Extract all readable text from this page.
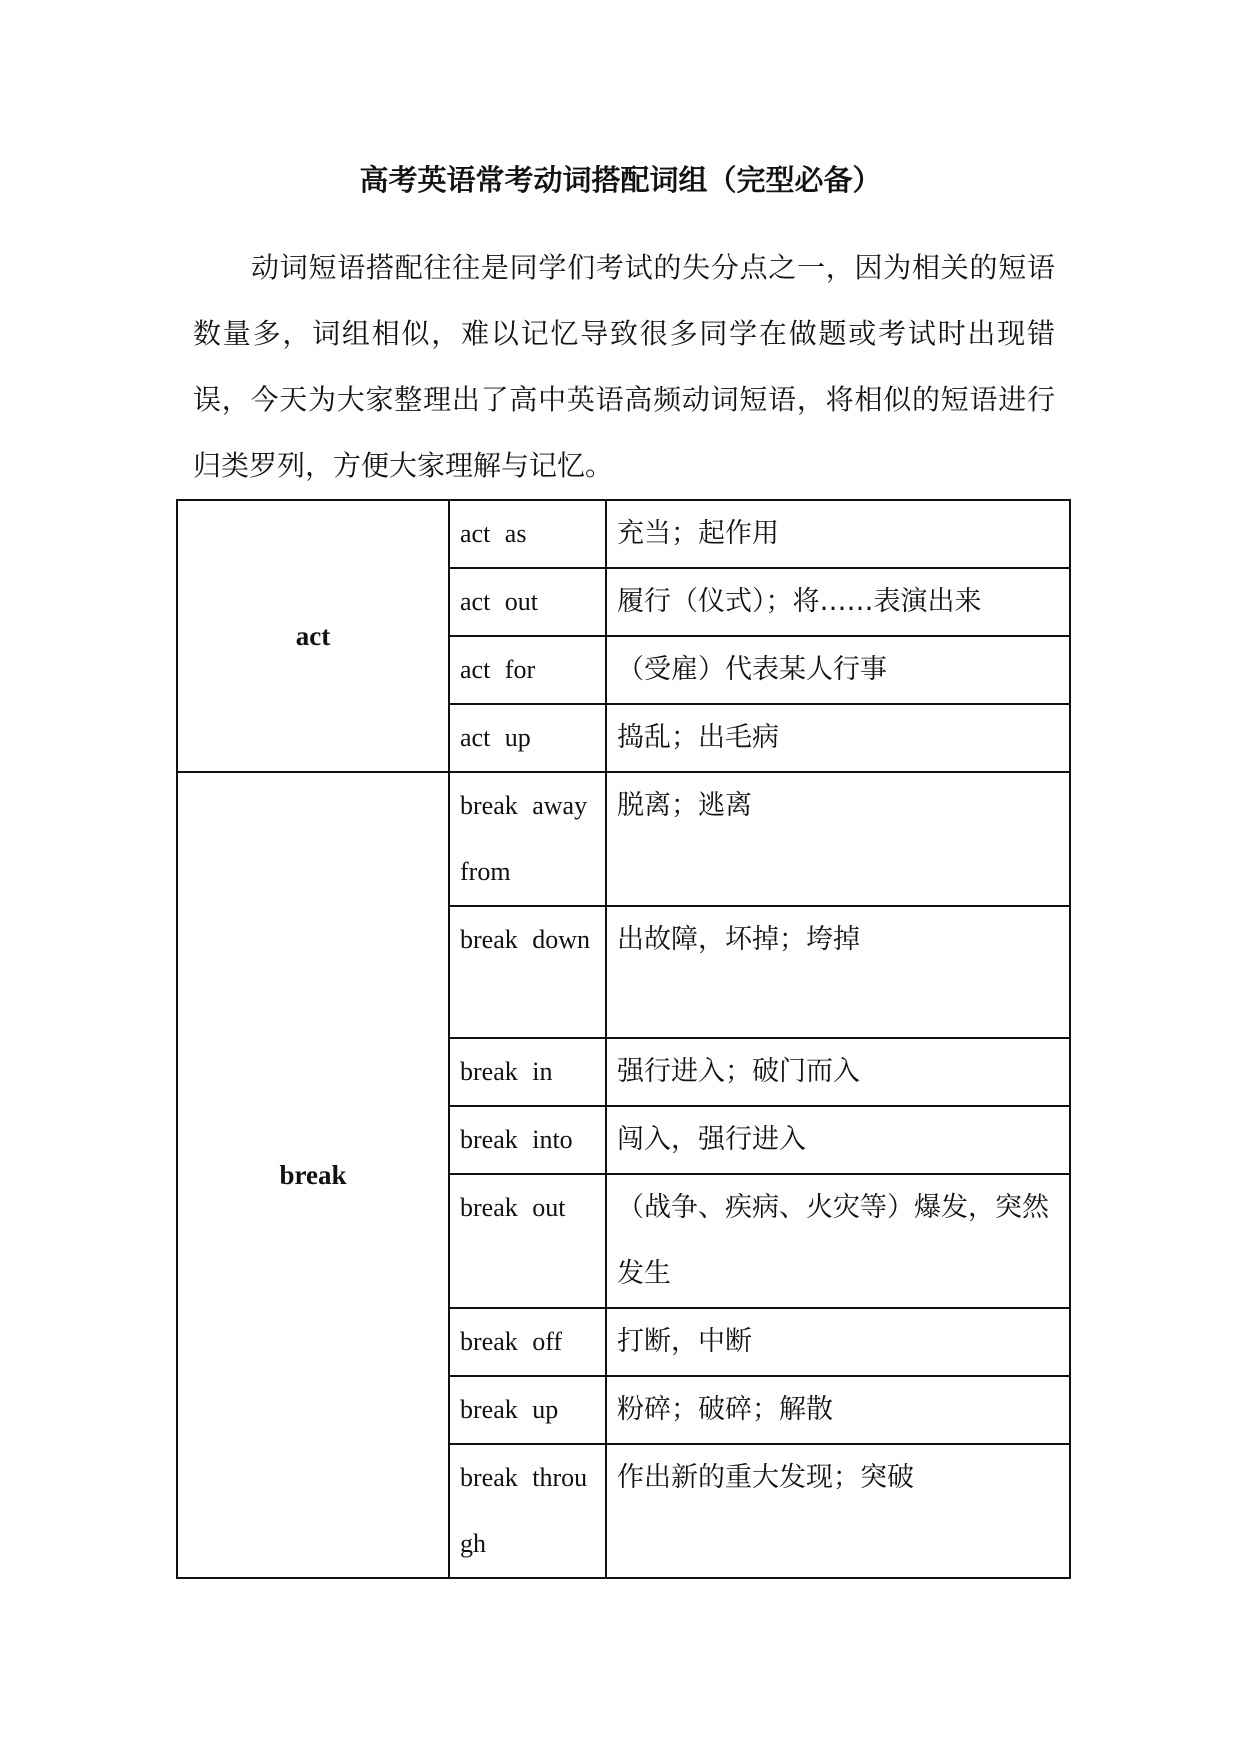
高考英语常考动词搭配词组（完型必备）
动词短语搭配往往是同学们考试的失分点之一，因为相关的短语数量多，词组相似，难以记忆导致很多同学在做题或考试时出现错误，今天为大家整理出了高中英语高频动词短语，将相似的短语进行归类罗列，方便大家理解与记忆。
act	act as	充当；起作用
	act out	履行（仪式）；将……表演出来
	act for	（受雇）代表某人行事
	act up	捣乱；出毛病
break	break away from	脱离；逃离
	break down	出故障，坏掉；垮掉
	break in	强行进入；破门而入
	break into	闯入，强行进入
	break out	（战争、疾病、火灾等）爆发，突然发生
	break off	打断，中断
	break up	粉碎；破碎；解散
	break through	作出新的重大发现；突破
